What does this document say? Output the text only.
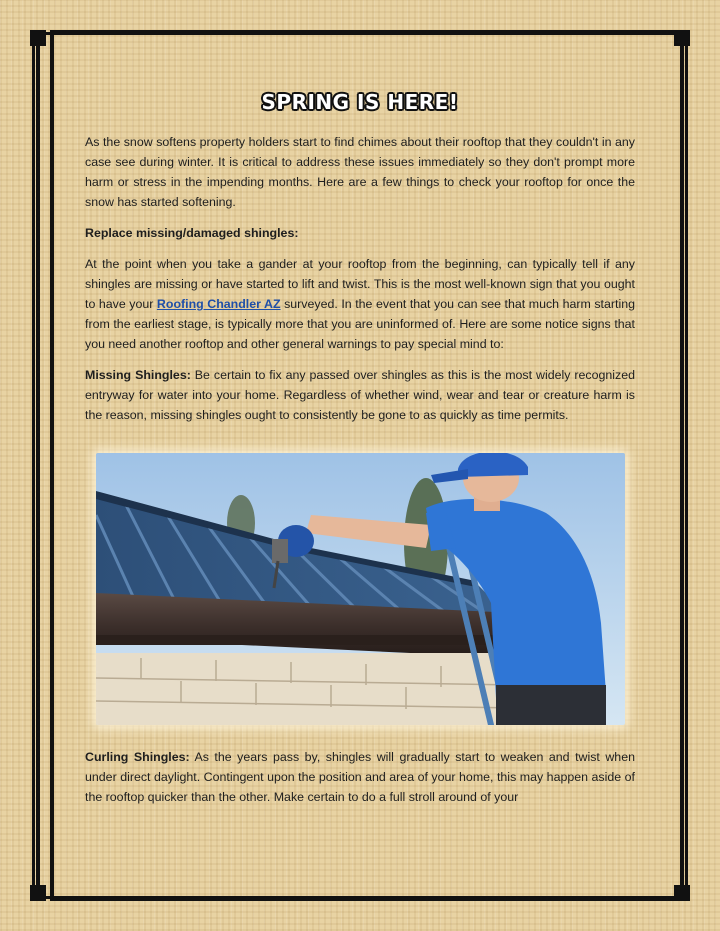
SPRING IS HERE!

As the snow softens property holders start to find chimes about their rooftop that they couldn't in any case see during winter. It is critical to address these issues immediately so they don't prompt more harm or stress in the impending months. Here are a few things to check your rooftop for once the snow has started softening.

Replace missing/damaged shingles:

At the point when you take a gander at your rooftop from the beginning, can typically tell if any shingles are missing or have started to lift and twist. This is the most well-known sign that you ought to have your Roofing Chandler AZ surveyed. In the event that you can see that much harm starting from the earliest stage, is typically more that you are uninformed of. Here are some notice signs that you need another rooftop and other general warnings to pay special mind to:

Missing Shingles: Be certain to fix any passed over shingles as this is the most widely recognized entryway for water into your home. Regardless of whether wind, wear and tear or creature harm is the reason, missing shingles ought to consistently be gone to as quickly as time permits.

Curling Shingles: As the years pass by, shingles will gradually start to weaken and twist when under direct daylight. Contingent upon the position and area of your home, this may happen aside of the rooftop quicker than the other. Make certain to do a full stroll around of your
